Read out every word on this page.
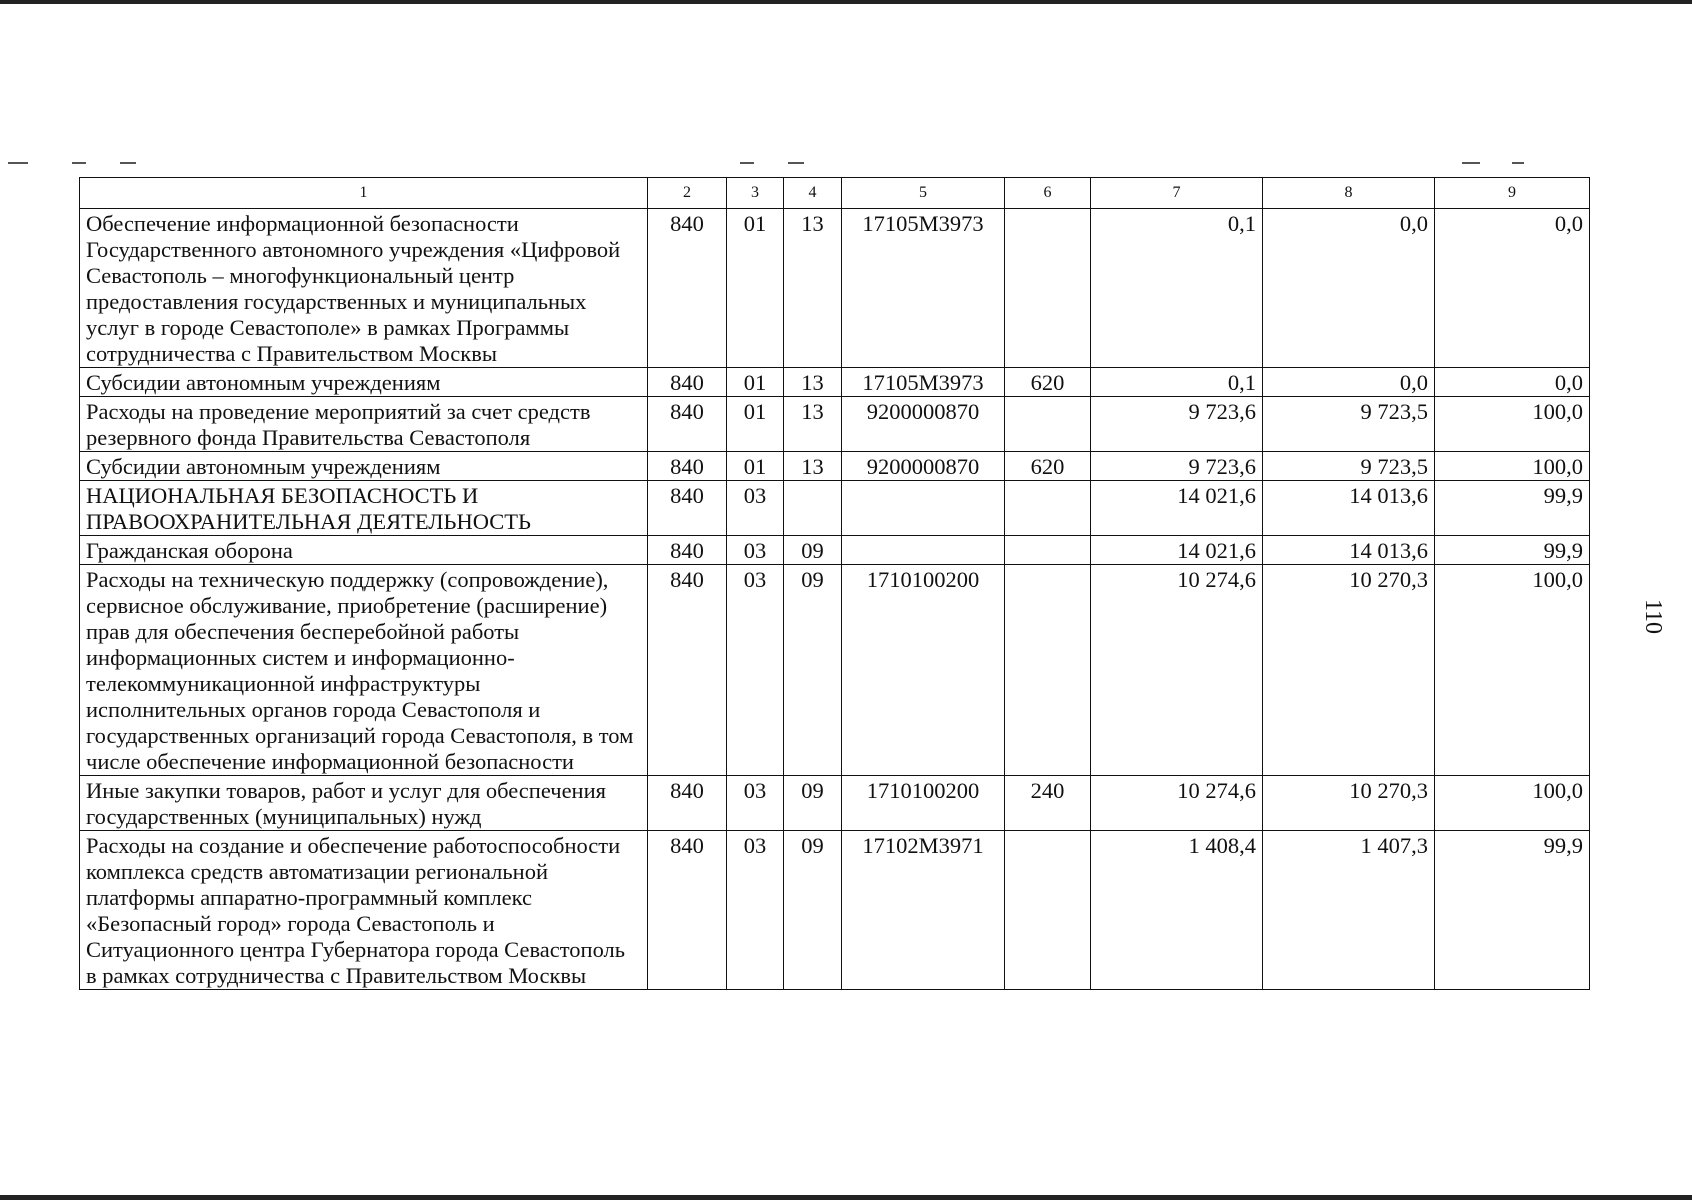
110
1	2	3	4	5	6	7	8	9
Обеспечение информационной безопасности Государственного автономного учреждения «Цифровой Севастополь – многофункциональный центр предоставления государственных и муниципальных услуг в городе Севастополе» в рамках Программы сотрудничества с Правительством Москвы	840	01	13	17105М3973		0,1	0,0	0,0
Субсидии автономным учреждениям	840	01	13	17105М3973	620	0,1	0,0	0,0
Расходы на проведение мероприятий за счет средств резервного фонда Правительства Севастополя	840	01	13	9200000870		9 723,6	9 723,5	100,0
Субсидии автономным учреждениям	840	01	13	9200000870	620	9 723,6	9 723,5	100,0
НАЦИОНАЛЬНАЯ БЕЗОПАСНОСТЬ И ПРАВООХРАНИТЕЛЬНАЯ ДЕЯТЕЛЬНОСТЬ	840	03				14 021,6	14 013,6	99,9
Гражданская оборона	840	03	09			14 021,6	14 013,6	99,9
Расходы на техническую поддержку (сопровождение), сервисное обслуживание, приобретение (расширение) прав для обеспечения бесперебойной работы информационных систем и информационно-телекоммуникационной инфраструктуры исполнительных органов города Севастополя и государственных организаций города Севастополя, в том числе обеспечение информационной безопасности	840	03	09	1710100200		10 274,6	10 270,3	100,0
Иные закупки товаров, работ и услуг для обеспечения государственных (муниципальных) нужд	840	03	09	1710100200	240	10 274,6	10 270,3	100,0
Расходы на создание и обеспечение работоспособности комплекса средств автоматизации региональной платформы аппаратно-программный комплекс «Безопасный город» города Севастополь и Ситуационного центра Губернатора города Севастополь в рамках сотрудничества с Правительством Москвы	840	03	09	17102М3971		1 408,4	1 407,3	99,9
